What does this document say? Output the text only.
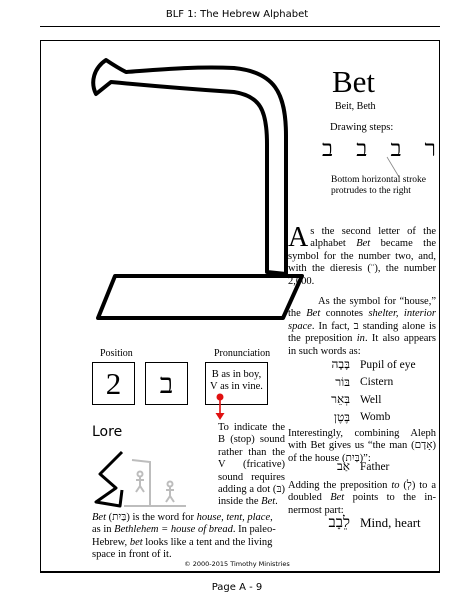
BLF 1: The Hebrew Alphabet
Bet
Beit, Beth
Drawing steps:
ב ב ב ר
Bottom horizontal stroke protrudes to the right
As the second letter of the alphabet Bet became the symbol for the number two, and, with the dieresis (¨), the number 2,000.
As the symbol for “house,” the Bet connotes shelter, interior space. In fact, ב standing alone is the preposition in. It also appears in such words as:
בָּבָה Pupil of eye
בּוֹר Cistern
בְּאֵר Well
בֶּטֶן Womb
Interestingly, combining Aleph with Bet gives us “the man (אָדָם) of the house (בַּיִת)”:
אַב Father
Adding the preposition to (לְ) to a doubled Bet points to the innermost part:
לֵבָב Mind, heart
Position	Pronunciation
2	ב	B as in boy,
V as in vine.
To indicate the B (stop) sound rather than the V (fricative) sound requires adding a dot (בּ) inside the Bet.
Lore
Bet (בַּיִת) is the word for house, tent, place, as in Bethlehem = house of bread. In paleo-Hebrew, bet looks like a tent and the living space in front of it.
© 2000-2015 Timothy Ministries
Page A - 9
